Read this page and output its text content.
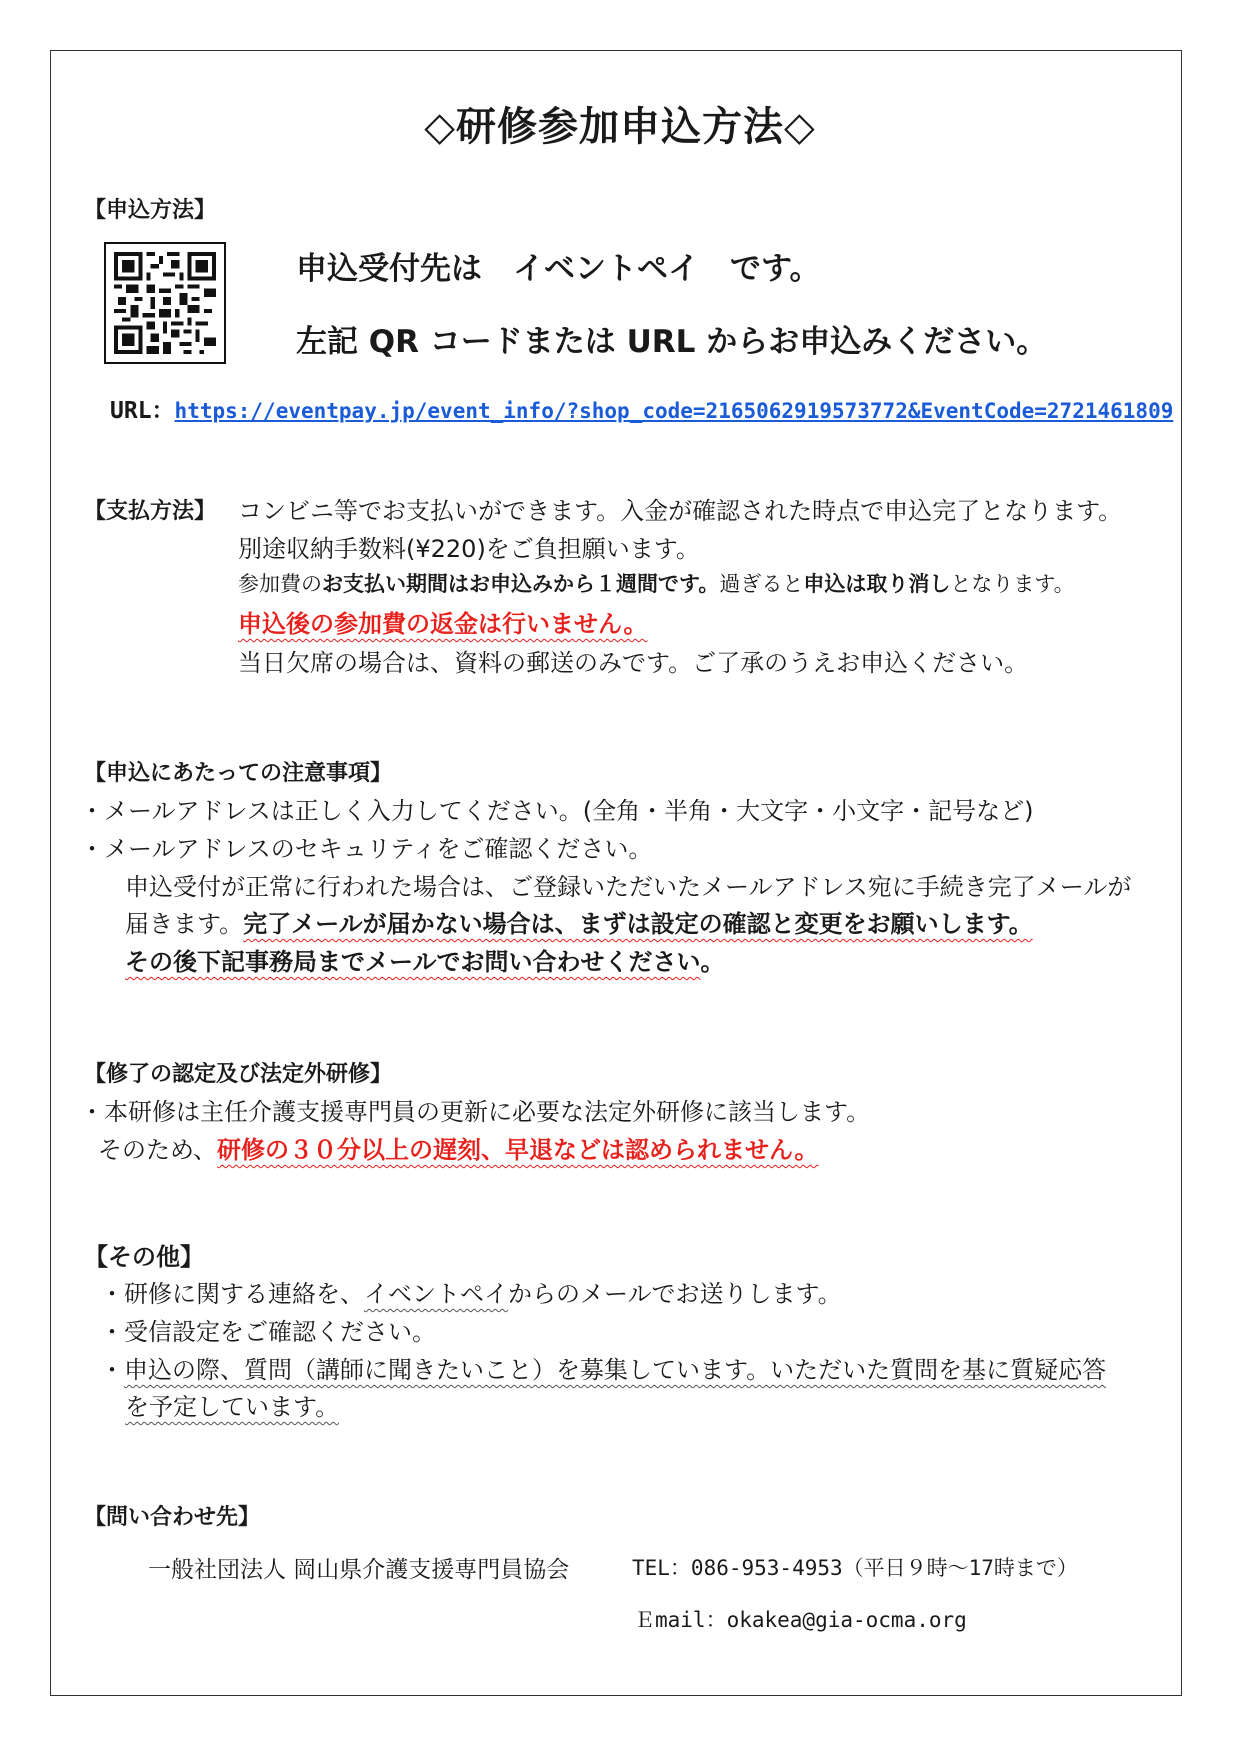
◇研修参加申込方法◇
【申込方法】
申込受付先は　イベントペイ　です。
左記 QR コードまたは URL からお申込みください。
URL：https://eventpay.jp/event_info/?shop_code=2165062919573772&EventCode=2721461809
【支払方法】 コンビニ等でお支払いができます。入金が確認された時点で申込完了となります。
別途収納手数料(¥220)をご負担願います。
参加費のお支払い期間はお申込みから１週間です。過ぎると申込は取り消しとなります。
申込後の参加費の返金は行いません。
当日欠席の場合は、資料の郵送のみです。ご了承のうえお申込ください。
【申込にあたっての注意事項】
・メールアドレスは正しく入力してください。(全角・半角・大文字・小文字・記号など)
・メールアドレスのセキュリティをご確認ください。
申込受付が正常に行われた場合は、ご登録いただいたメールアドレス宛に手続き完了メールが
届きます。完了メールが届かない場合は、まずは設定の確認と変更をお願いします。
その後下記事務局までメールでお問い合わせください。
【修了の認定及び法定外研修】
・本研修は主任介護支援専門員の更新に必要な法定外研修に該当します。
そのため、研修の３０分以上の遅刻、早退などは認められません。
【その他】
・研修に関する連絡を、イベントペイからのメールでお送りします。
・受信設定をご確認ください。
・申込の際、質問（講師に聞きたいこと）を募集しています。いただいた質問を基に質疑応答
を予定しています。
【問い合わせ先】
一般社団法人 岡山県介護支援専門員協会	TEL：086-953-4953（平日９時～17時まで）
Ｅmail：okakea@gia-ocma.org
